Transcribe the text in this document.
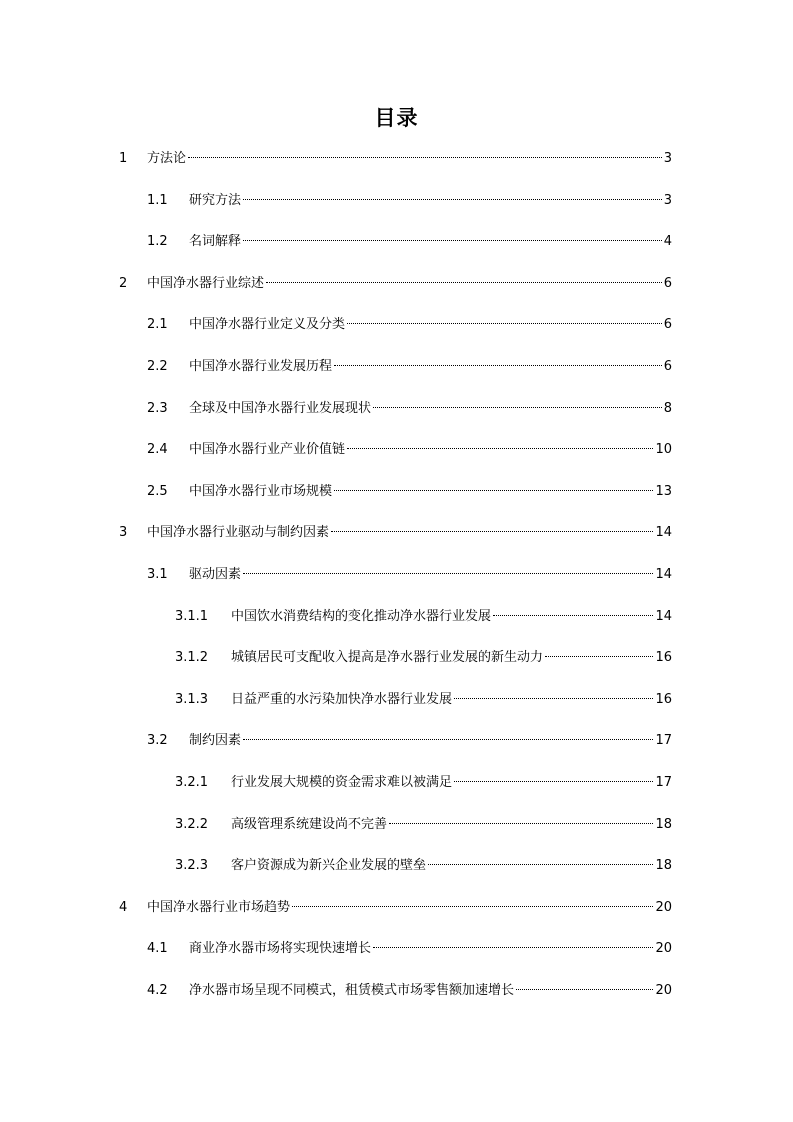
目录
1	方法论	3
1.1	研究方法	3
1.2	名词解释	4
2	中国净水器行业综述	6
2.1	中国净水器行业定义及分类	6
2.2	中国净水器行业发展历程	6
2.3	全球及中国净水器行业发展现状	8
2.4	中国净水器行业产业价值链	10
2.5	中国净水器行业市场规模	13
3	中国净水器行业驱动与制约因素	14
3.1	驱动因素	14
3.1.1	中国饮水消费结构的变化推动净水器行业发展	14
3.1.2	城镇居民可支配收入提高是净水器行业发展的新生动力	16
3.1.3	日益严重的水污染加快净水器行业发展	16
3.2	制约因素	17
3.2.1	行业发展大规模的资金需求难以被满足	17
3.2.2	高级管理系统建设尚不完善	18
3.2.3	客户资源成为新兴企业发展的壁垒	18
4	中国净水器行业市场趋势	20
4.1	商业净水器市场将实现快速增长	20
4.2	净水器市场呈现不同模式，租赁模式市场零售额加速增长	20
